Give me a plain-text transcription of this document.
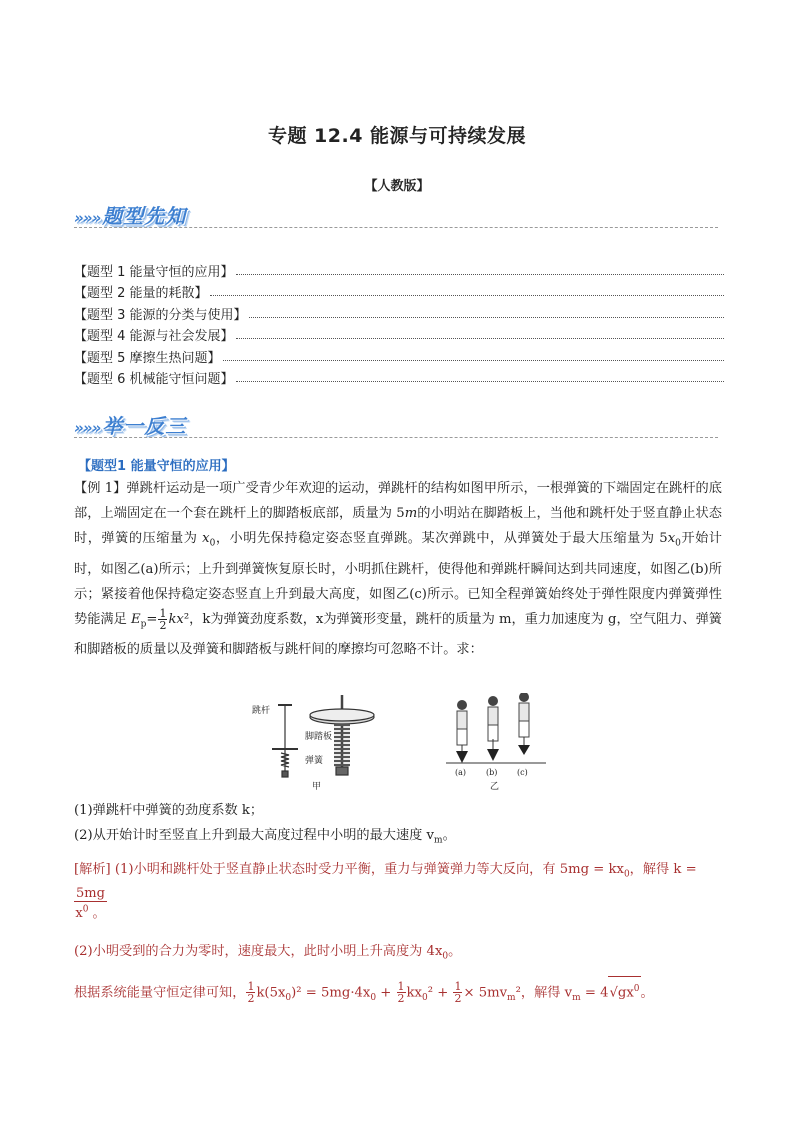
专题 12.4 能源与可持续发展
【人教版】
»»» 题型先知
【题型 1 能量守恒的应用】
【题型 2 能量的耗散】
【题型 3 能源的分类与使用】
【题型 4 能源与社会发展】
【题型 5 摩擦生热问题】
【题型 6 机械能守恒问题】
»»» 举一反三
【题型1 能量守恒的应用】
【例 1】弹跳杆运动是一项广受青少年欢迎的运动，弹跳杆的结构如图甲所示，一根弹簧的下端固定在跳杆的底部，上端固定在一个套在跳杆上的脚踏板底部，质量为 5m的小明站在脚踏板上，当他和跳杆处于竖直静止状态时，弹簧的压缩量为 $x_0$，小明先保持稳定姿态竖直弹跳。某次弹跳中，从弹簧处于最大压缩量为 $5x_0$开始计时，如图乙(a)所示；上升到弹簧恢复原长时，小明抓住跳杆，使得他和弹跳杆瞬间达到共同速度，如图乙(b)所示；紧接着他保持稳定姿态竖直上升到最大高度，如图乙(c)所示。已知全程弹簧始终处于弹性限度内弹簧弹性势能满足 $E_p= \frac{1}{2} kx^2$，k为弹簧劲度系数，x为弹簧形变量，跳杆的质量为 m，重力加速度为 g，空气阻力、弹簧和脚踏板的质量以及弹簧和脚踏板与跳杆间的摩擦均可忽略不计。求：
跳杆
脚踏板
弹簧
甲
(a) (b) (c)
乙
(1)弹跳杆中弹簧的劲度系数 k；
(2)从开始计时至竖直上升到最大高度过程中小明的最大速度 $v_m$。
[解析] (1)小明和跳杆处于竖直静止状态时受力平衡，重力与弹簧弹力等大反向，有 $5mg = kx_0$，解得 k =
5mg
$x^0$ 。
(2)小明受到的合力为零时，速度最大，此时小明上升高度为 $4x_0$。
根据系统能量守恒定律可知， $\frac{1}{2} k(5x_0)^2 = 5mg\cdot 4x_0 + \frac{1}{2} kx_0^2 + \frac{1}{2} \times 5mv_m^2$，解得 $v_m = 4√gx^0$。
